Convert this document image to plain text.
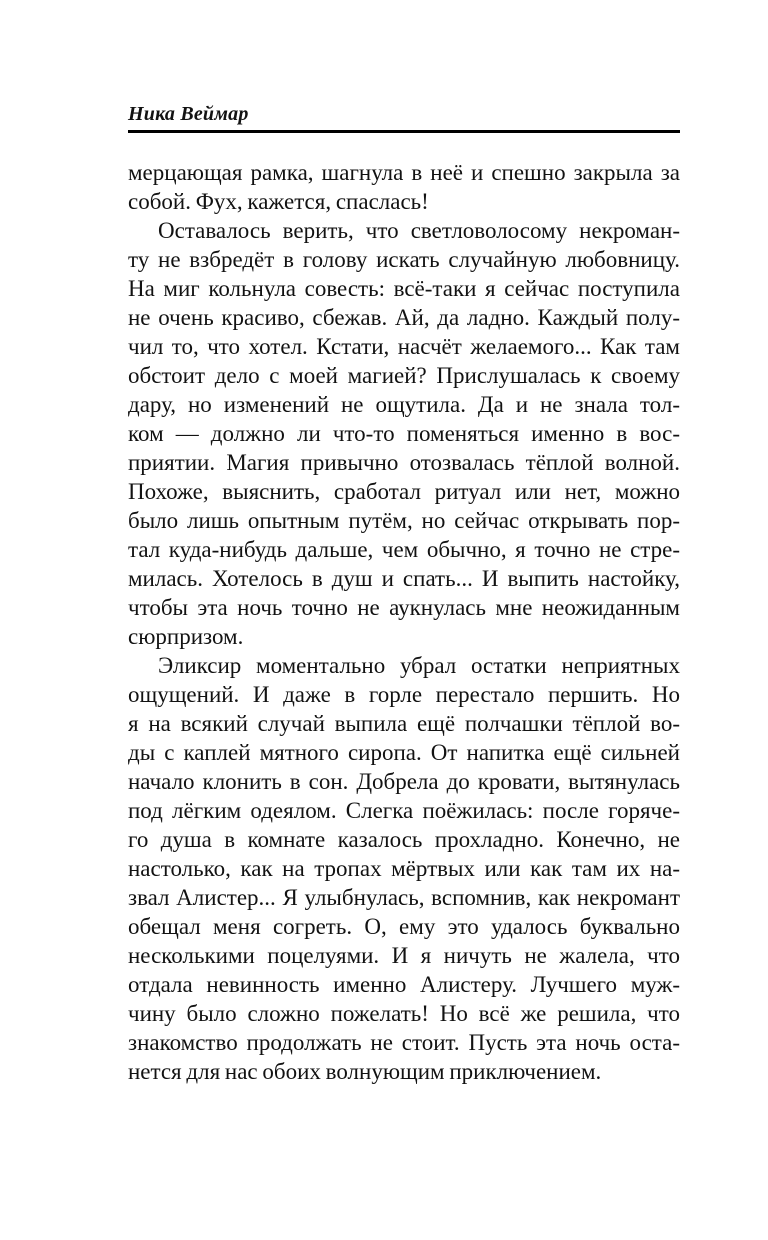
Ника Веймар
мерцающая рамка, шагнула в неё и спешно закрыла за
собой. Фух, кажется, спаслась!
Оставалось верить, что светловолосому некроман-
ту не взбредёт в голову искать случайную любовницу.
На миг кольнула совесть: всё-таки я сейчас поступила
не очень красиво, сбежав. Ай, да ладно. Каждый полу-
чил то, что хотел. Кстати, насчёт желаемого... Как там
обстоит дело с моей магией? Прислушалась к своему
дару, но изменений не ощутила. Да и не знала тол-
ком — должно ли что-то поменяться именно в вос-
приятии. Магия привычно отозвалась тёплой волной.
Похоже, выяснить, сработал ритуал или нет, можно
было лишь опытным путём, но сейчас открывать пор-
тал куда-нибудь дальше, чем обычно, я точно не стре-
милась. Хотелось в душ и спать... И выпить настойку,
чтобы эта ночь точно не аукнулась мне неожиданным
сюрпризом.
Эликсир моментально убрал остатки неприятных
ощущений. И даже в горле перестало першить. Но
я на всякий случай выпила ещё полчашки тёплой во-
ды с каплей мятного сиропа. От напитка ещё сильней
начало клонить в сон. Добрела до кровати, вытянулась
под лёгким одеялом. Слегка поёжилась: после горяче-
го душа в комнате казалось прохладно. Конечно, не
настолько, как на тропах мёртвых или как там их на-
звал Алистер... Я улыбнулась, вспомнив, как некромант
обещал меня согреть. О, ему это удалось буквально
несколькими поцелуями. И я ничуть не жалела, что
отдала невинность именно Алистеру. Лучшего муж-
чину было сложно пожелать! Но всё же решила, что
знакомство продолжать не стоит. Пусть эта ночь оста-
нется для нас обоих волнующим приключением.
